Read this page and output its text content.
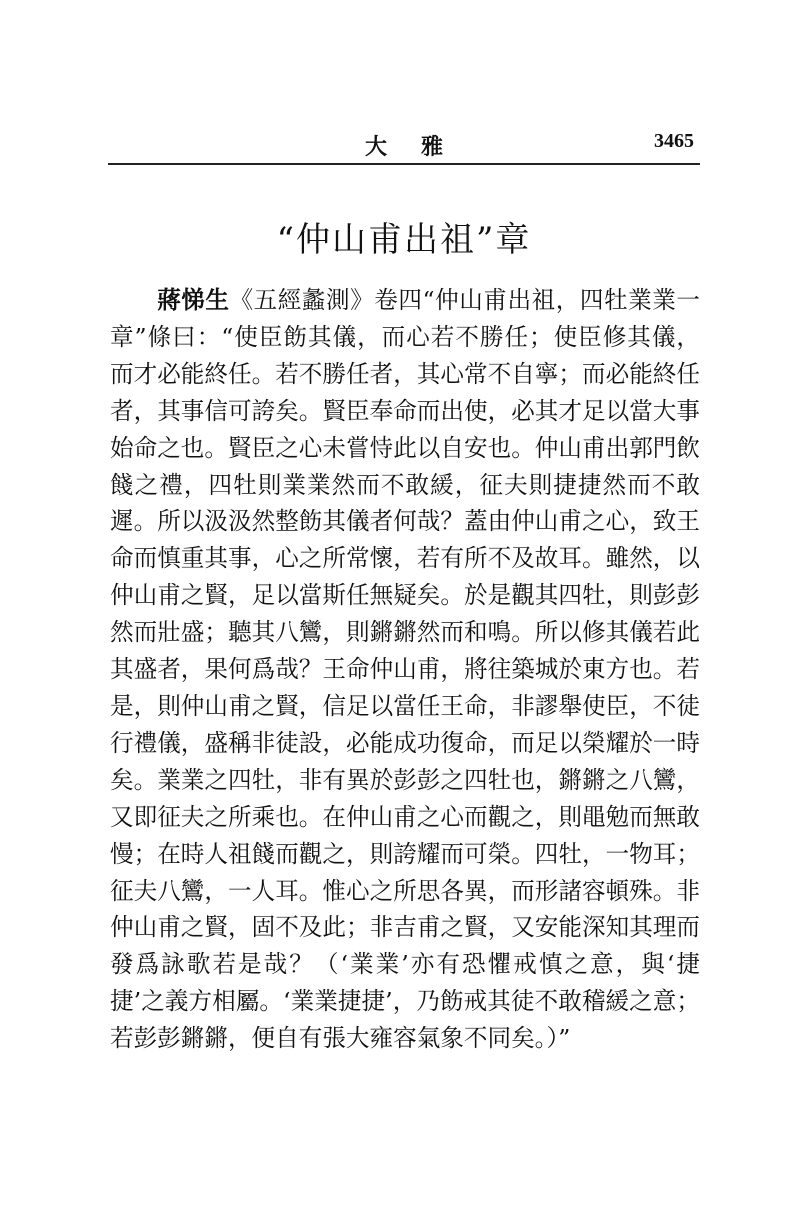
大雅	3465
“仲山甫出祖”章

蔣悌生《五經蠡測》卷四“仲山甫出祖，四牡業業一章”條曰：“使臣飭其儀，而心若不勝任；使臣修其儀，而才必能終任。若不勝任者，其心常不自寧；而必能終任者，其事信可誇矣。賢臣奉命而出使，必其才足以當大事始命之也。賢臣之心未嘗恃此以自安也。仲山甫出郭門飲餞之禮，四牡則業業然而不敢緩，征夫則捷捷然而不敢遲。所以汲汲然整飭其儀者何哉？蓋由仲山甫之心，致王命而慎重其事，心之所常懷，若有所不及故耳。雖然，以仲山甫之賢，足以當斯任無疑矣。於是觀其四牡，則彭彭然而壯盛；聽其八鸞，則鏘鏘然而和鳴。所以修其儀若此其盛者，果何爲哉？王命仲山甫，將往築城於東方也。若是，則仲山甫之賢，信足以當任王命，非謬舉使臣，不徒行禮儀，盛稱非徒設，必能成功復命，而足以榮耀於一時矣。業業之四牡，非有異於彭彭之四牡也，鏘鏘之八鸞，又即征夫之所乘也。在仲山甫之心而觀之，則黽勉而無敢慢；在時人祖餞而觀之，則誇耀而可榮。四牡，一物耳；征夫八鸞，一人耳。惟心之所思各異，而形諸容頓殊。非仲山甫之賢，固不及此；非吉甫之賢，又安能深知其理而發爲詠歌若是哉？（‘業業’亦有恐懼戒慎之意，與‘捷捷’之義方相屬。‘業業捷捷’，乃飭戒其徒不敢稽緩之意；若彭彭鏘鏘，便自有張大雍容氣象不同矣。）”
